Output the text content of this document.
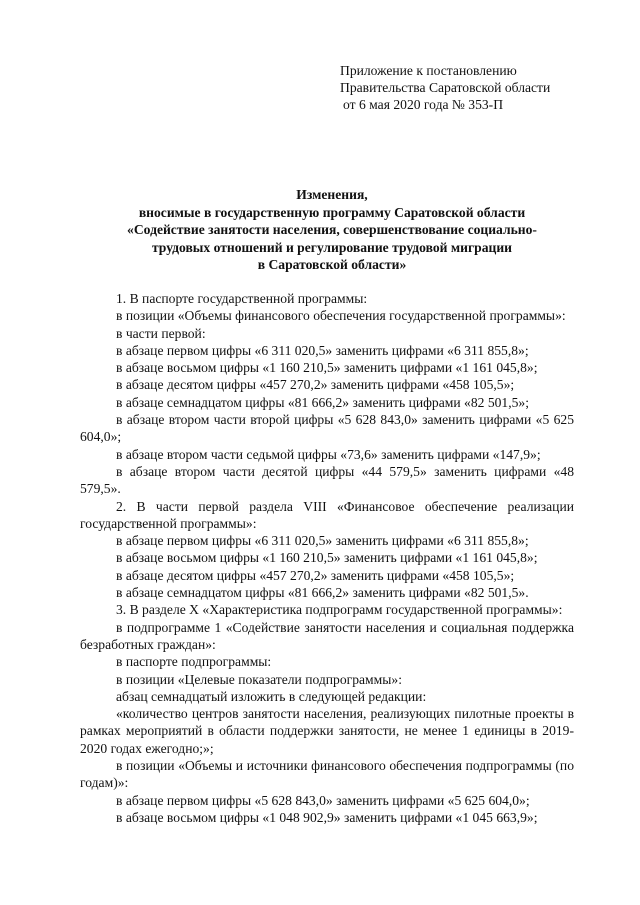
Приложение к постановлению
Правительства Саратовской области
от 6 мая 2020 года № 353-П
Изменения,
вносимые в государственную программу Саратовской области
«Содействие занятости населения, совершенствование социально-
трудовых отношений и регулирование трудовой миграции
в Саратовской области»
1. В паспорте государственной программы:
в позиции «Объемы финансового обеспечения государственной программы»:
в части первой:
в абзаце первом цифры «6 311 020,5» заменить цифрами «6 311 855,8»;
в абзаце восьмом цифры «1 160 210,5» заменить цифрами «1 161 045,8»;
в абзаце десятом цифры «457 270,2» заменить цифрами «458 105,5»;
в абзаце семнадцатом цифры «81 666,2» заменить цифрами «82 501,5»;
в абзаце втором части второй цифры «5 628 843,0» заменить цифрами «5 625 604,0»;
в абзаце втором части седьмой цифры «73,6» заменить цифрами «147,9»;
в абзаце втором части десятой цифры «44 579,5» заменить цифрами «48 579,5».
2. В части первой раздела VIII «Финансовое обеспечение реализации государственной программы»:
в абзаце первом цифры «6 311 020,5» заменить цифрами «6 311 855,8»;
в абзаце восьмом цифры «1 160 210,5» заменить цифрами «1 161 045,8»;
в абзаце десятом цифры «457 270,2» заменить цифрами «458 105,5»;
в абзаце семнадцатом цифры «81 666,2» заменить цифрами «82 501,5».
3. В разделе X «Характеристика подпрограмм государственной программы»:
в подпрограмме 1 «Содействие занятости населения и социальная поддержка безработных граждан»:
в паспорте подпрограммы:
в позиции «Целевые показатели подпрограммы»:
абзац семнадцатый изложить в следующей редакции:
«количество центров занятости населения, реализующих пилотные проекты в рамках мероприятий в области поддержки занятости, не менее 1 единицы в 2019-2020 годах ежегодно;»;
в позиции «Объемы и источники финансового обеспечения подпрограммы (по годам)»:
в абзаце первом цифры «5 628 843,0» заменить цифрами «5 625 604,0»;
в абзаце восьмом цифры «1 048 902,9» заменить цифрами «1 045 663,9»;
